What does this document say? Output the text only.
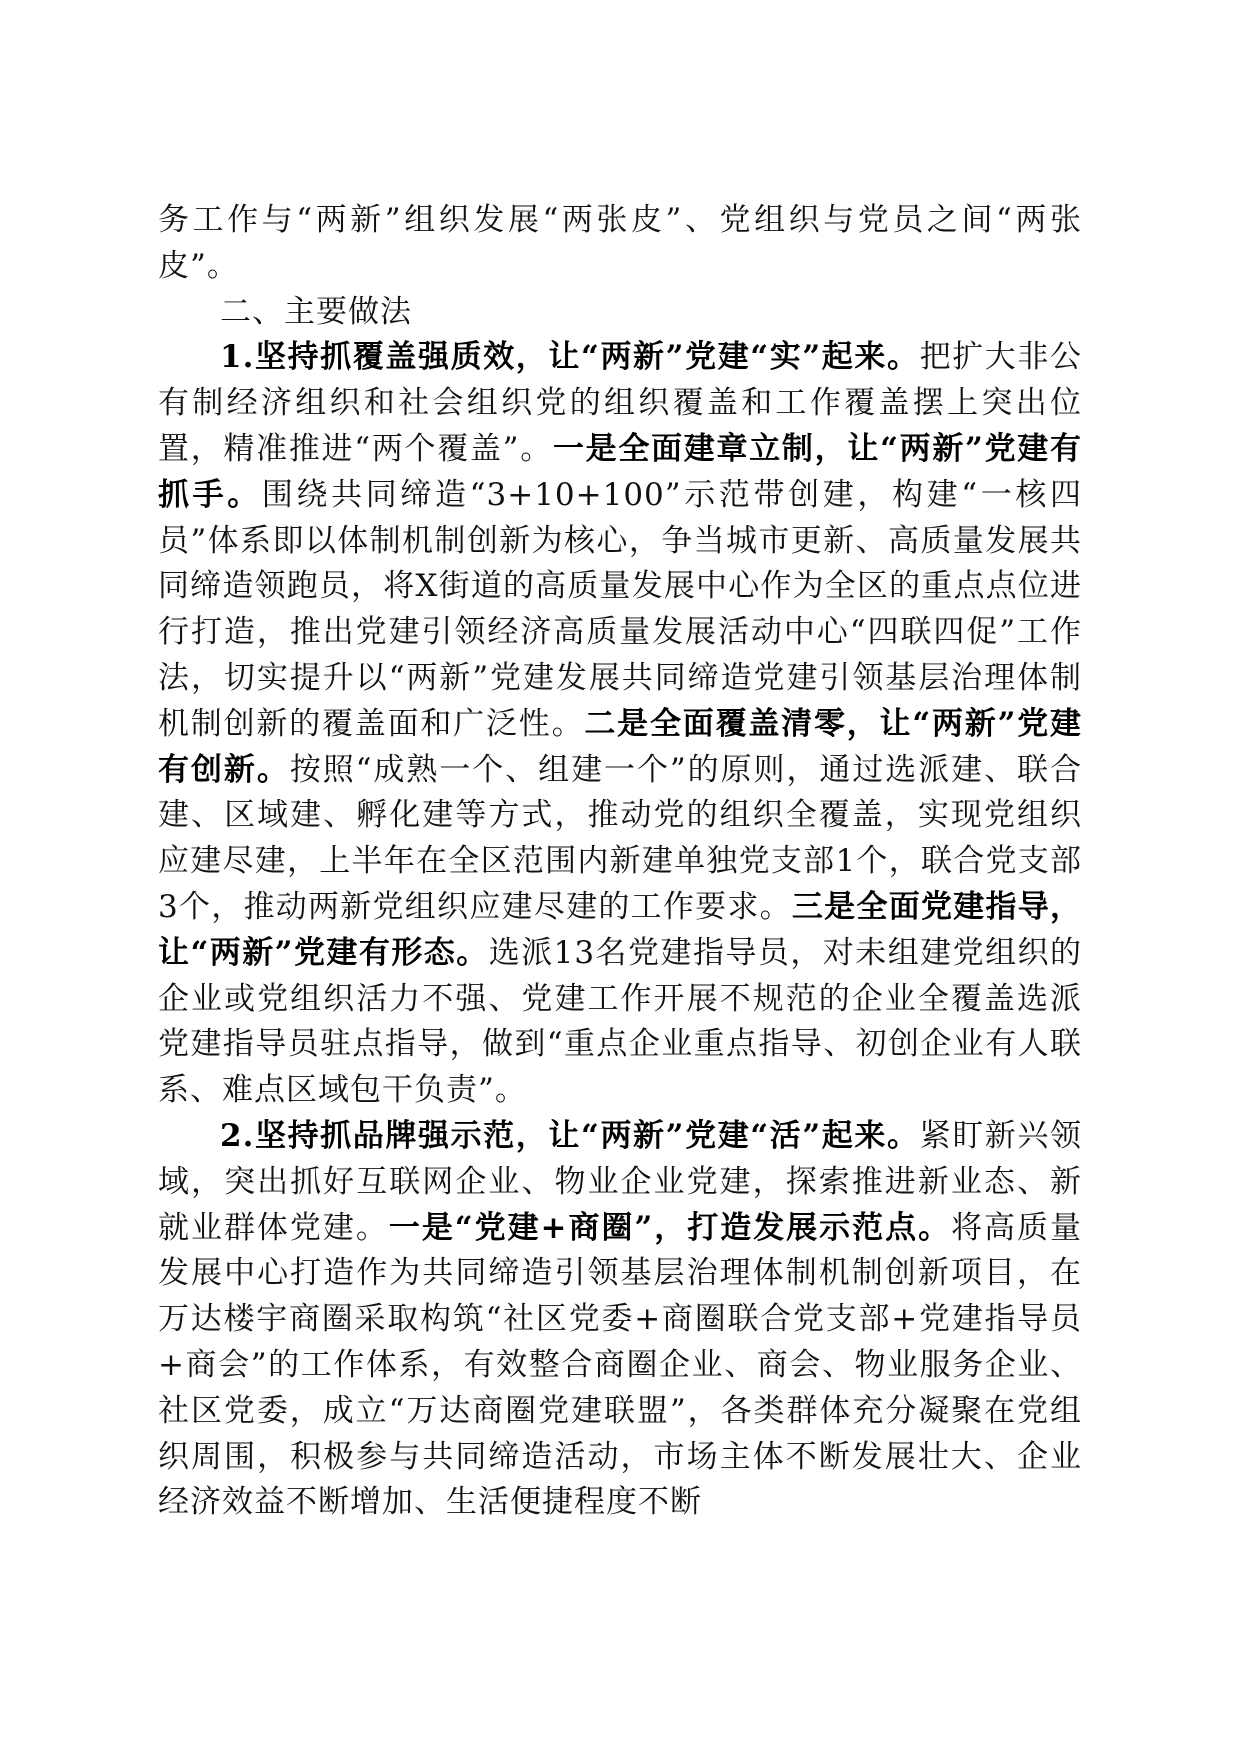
务工作与“两新”组织发展“两张皮”、党组织与党员之间“两张皮”。

二、主要做法

1.坚持抓覆盖强质效，让“两新”党建“实”起来。把扩大非公有制经济组织和社会组织党的组织覆盖和工作覆盖摆上突出位置，精准推进“两个覆盖”。一是全面建章立制，让“两新”党建有抓手。围绕共同缔造“3+10+100”示范带创建，构建“一核四员”体系即以体制机制创新为核心，争当城市更新、高质量发展共同缔造领跑员，将X街道的高质量发展中心作为全区的重点点位进行打造，推出党建引领经济高质量发展活动中心“四联四促”工作法，切实提升以“两新”党建发展共同缔造党建引领基层治理体制机制创新的覆盖面和广泛性。二是全面覆盖清零，让“两新”党建有创新。按照“成熟一个、组建一个”的原则，通过选派建、联合建、区域建、孵化建等方式，推动党的组织全覆盖，实现党组织应建尽建，上半年在全区范围内新建单独党支部1个，联合党支部3个，推动两新党组织应建尽建的工作要求。三是全面党建指导，让“两新”党建有形态。选派13名党建指导员，对未组建党组织的企业或党组织活力不强、党建工作开展不规范的企业全覆盖选派党建指导员驻点指导，做到“重点企业重点指导、初创企业有人联系、难点区域包干负责”。

2.坚持抓品牌强示范，让“两新”党建“活”起来。紧盯新兴领域，突出抓好互联网企业、物业企业党建，探索推进新业态、新就业群体党建。一是“党建+商圈”，打造发展示范点。将高质量发展中心打造作为共同缔造引领基层治理体制机制创新项目，在万达楼宇商圈采取构筑“社区党委+商圈联合党支部+党建指导员+商会”的工作体系，有效整合商圈企业、商会、物业服务企业、社区党委，成立“万达商圈党建联盟”，各类群体充分凝聚在党组织周围，积极参与共同缔造活动，市场主体不断发展壮大、企业经济效益不断增加、生活便捷程度不断
